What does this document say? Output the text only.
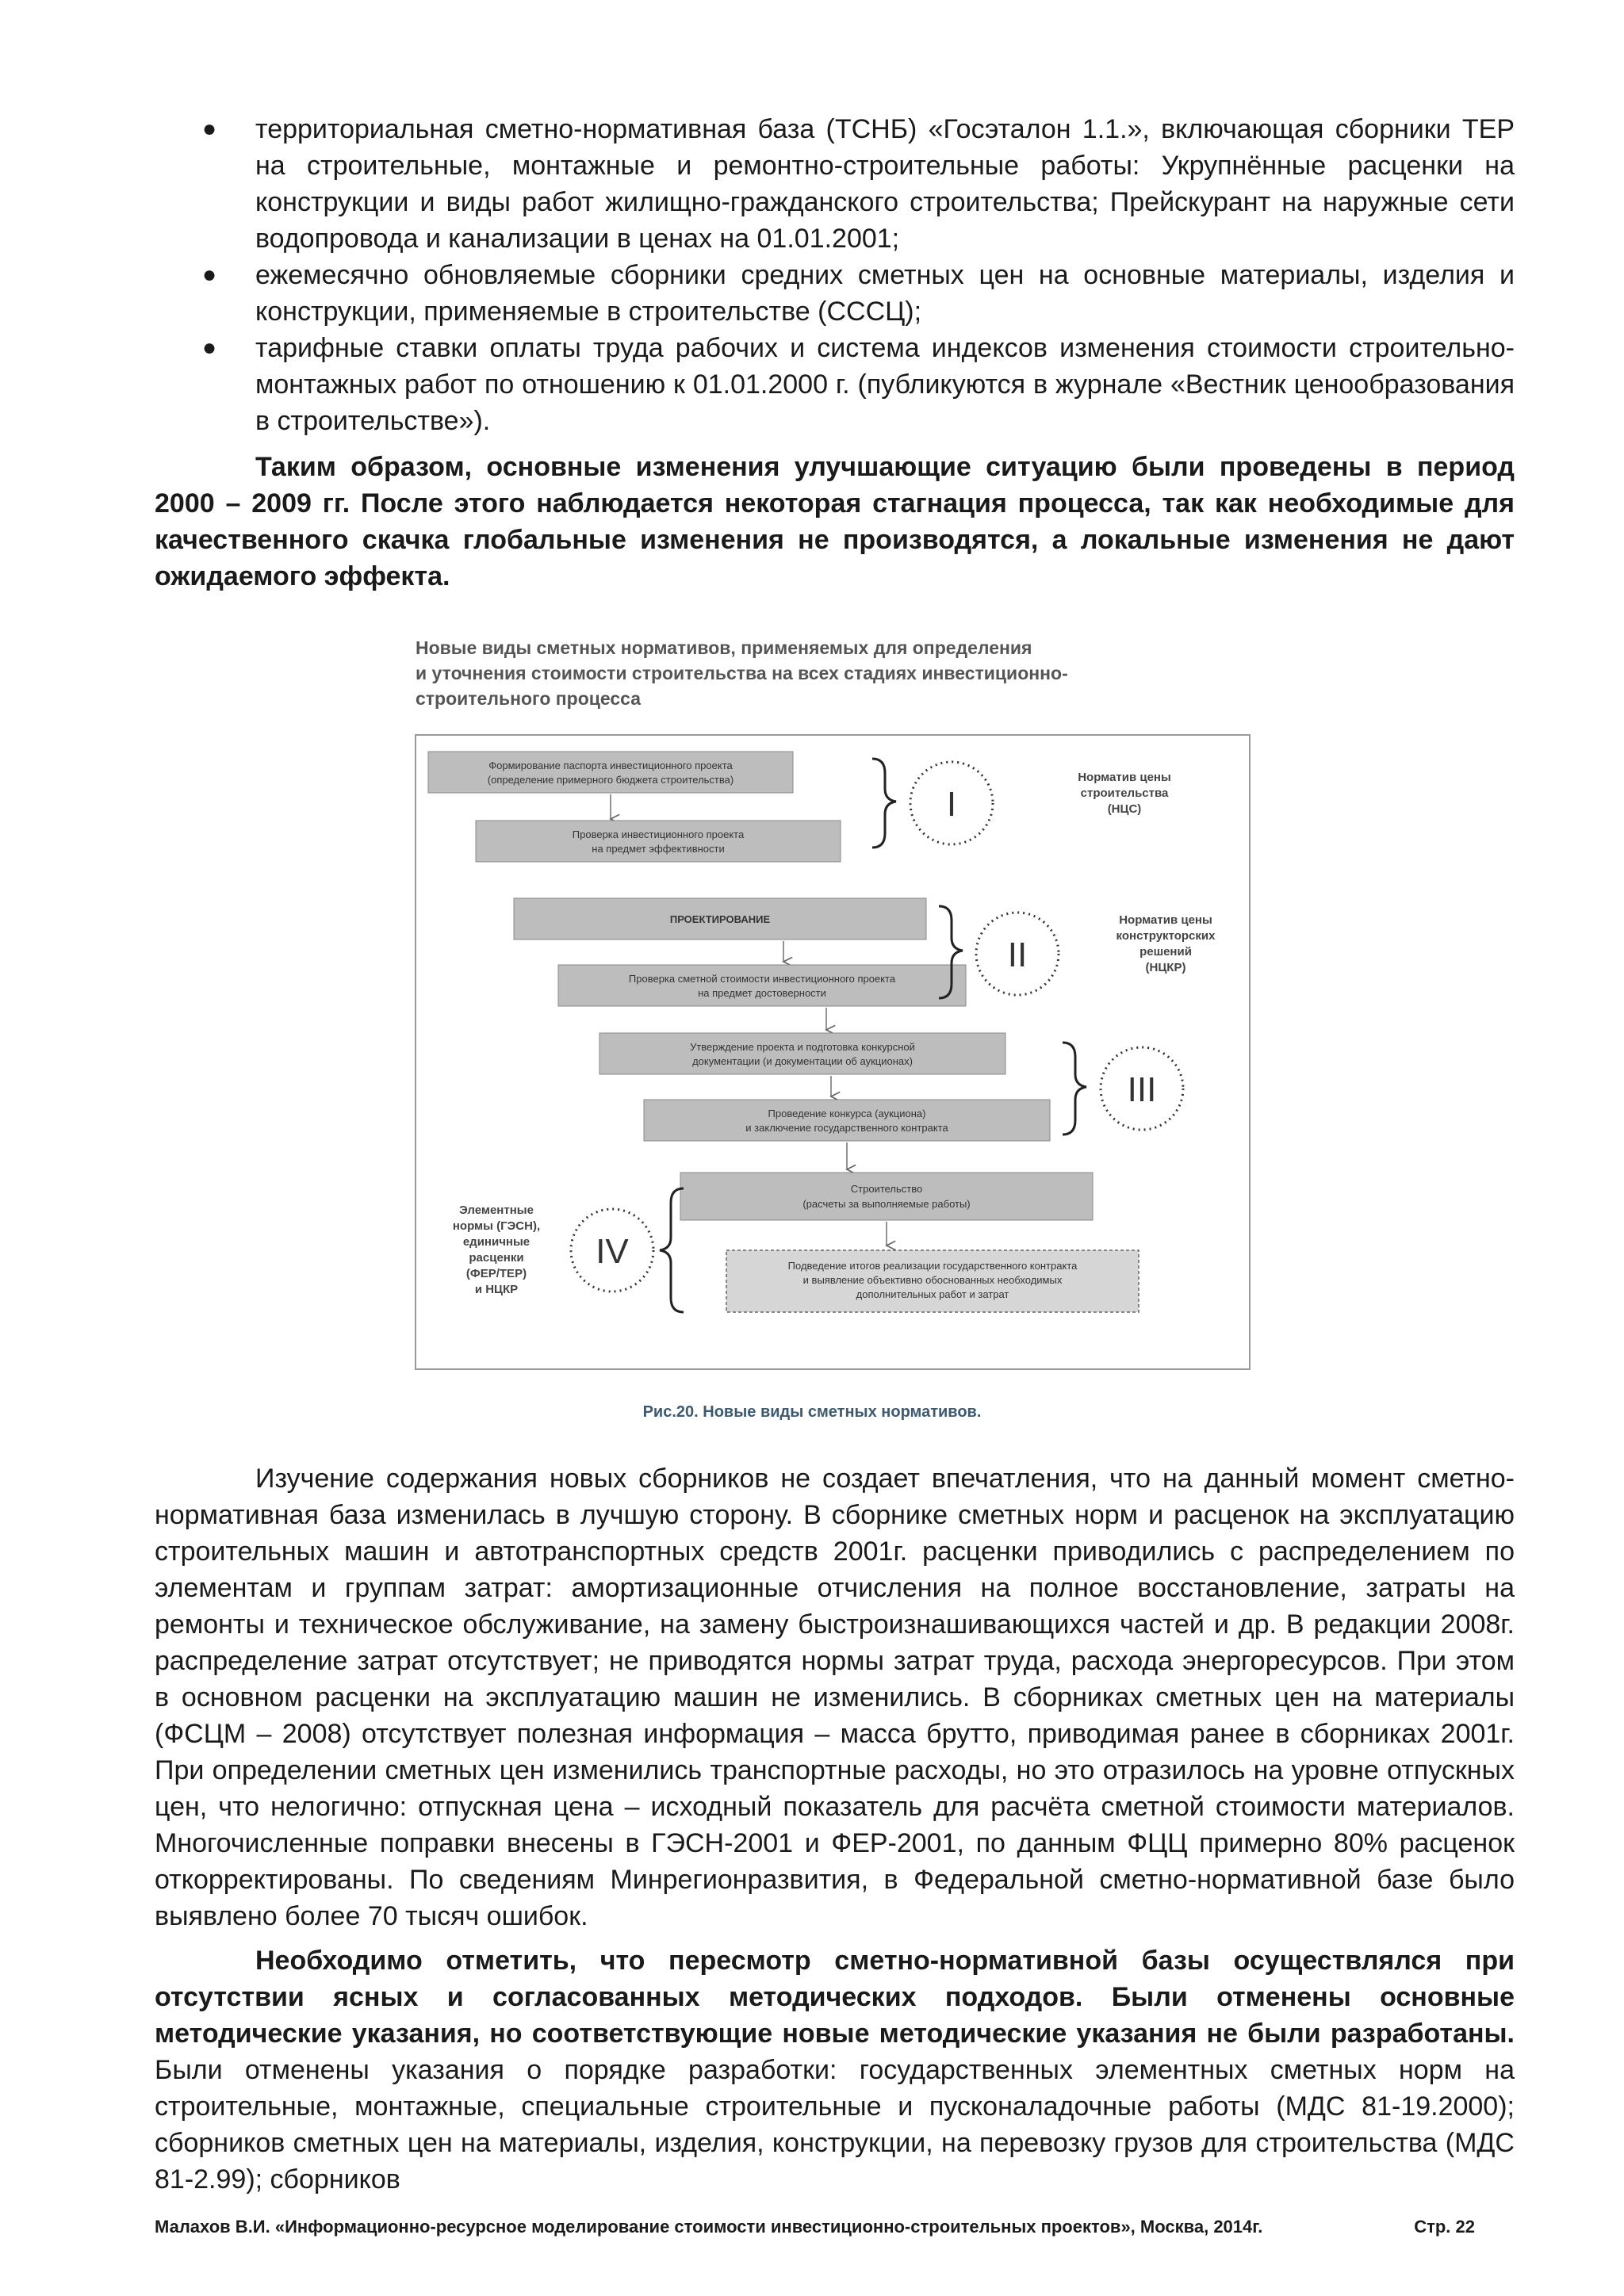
● территориальная сметно-нормативная база (ТСНБ) «Госэталон 1.1.», включающая сборники ТЕР на строительные, монтажные и ремонтно-строительные работы: Укрупнённые расценки на конструкции и виды работ жилищно-гражданского строительства; Прейскурант на наружные сети водопровода и канализации в ценах на 01.01.2001;
● ежемесячно обновляемые сборники средних сметных цен на основные материалы, изделия и конструкции, применяемые в строительстве (СССЦ);
● тарифные ставки оплаты труда рабочих и система индексов изменения стоимости строительно-монтажных работ по отношению к 01.01.2000 г. (публикуются в журнале «Вестник ценообразования в строительстве»).

Таким образом, основные изменения улучшающие ситуацию были проведены в период 2000 – 2009 гг. После этого наблюдается некоторая стагнация процесса, так как необходимые для качественного скачка глобальные изменения не производятся, а локальные изменения не дают ожидаемого эффекта.

Новые виды сметных нормативов, применяемых для определения
и уточнения стоимости строительства на всех стадиях инвестиционно-
строительного процесса
Формирование паспорта инвестиционного проекта
(определение примерного бюджета строительства)
Проверка инвестиционного проекта
на предмет эффективности
I
Норматив цены
строительства
(НЦС)
ПРОЕКТИРОВАНИЕ
Проверка сметной стоимости инвестиционного проекта
на предмет достоверности
II
Норматив цены
конструкторских
решений
(НЦКР)
Утверждение проекта и подготовка конкурсной
документации (и документации об аукционах)
Проведение конкурса (аукциона)
и заключение государственного контракта
III
Строительство
(расчеты за выполняемые работы)
Подведение итогов реализации государственного контракта
и выявление объективно обоснованных необходимых
дополнительных работ и затрат
IV
Элементные
нормы (ГЭСН),
единичные
расценки
(ФЕР/ТЕР)
и НЦКР
Рис.20. Новые виды сметных нормативов.

Изучение содержания новых сборников не создает впечатления, что на данный момент сметно-нормативная база изменилась в лучшую сторону. В сборнике сметных норм и расценок на эксплуатацию строительных машин и автотранспортных средств 2001г. расценки приводились с распределением по элементам и группам затрат: амортизационные отчисления на полное восстановление, затраты на ремонты и техническое обслуживание, на замену быстроизнашивающихся частей и др. В редакции 2008г. распределение затрат отсутствует; не приводятся нормы затрат труда, расхода энергоресурсов. При этом в основном расценки на эксплуатацию машин не изменились. В сборниках сметных цен на материалы (ФСЦМ – 2008) отсутствует полезная информация – масса брутто, приводимая ранее в сборниках 2001г. При определении сметных цен изменились транспортные расходы, но это отразилось на уровне отпускных цен, что нелогично: отпускная цена – исходный показатель для расчёта сметной стоимости материалов. Многочисленные поправки внесены в ГЭСН-2001 и ФЕР-2001, по данным ФЦЦ примерно 80% расценок откорректированы. По сведениям Минрегионразвития, в Федеральной сметно-нормативной базе было выявлено более 70 тысяч ошибок.

Необходимо отметить, что пересмотр сметно-нормативной базы осуществлялся при отсутствии ясных и согласованных методических подходов. Были отменены основные методические указания, но соответствующие новые методические указания не были разработаны. Были отменены указания о порядке разработки: государственных элементных сметных норм на строительные, монтажные, специальные строительные и пусконаладочные работы (МДС 81-19.2000); сборников сметных цен на материалы, изделия, конструкции, на перевозку грузов для строительства (МДС 81-2.99); сборников

Малахов В.И. «Информационно-ресурсное моделирование стоимости инвестиционно-строительных проектов», Москва, 2014г.	Стр. 22
